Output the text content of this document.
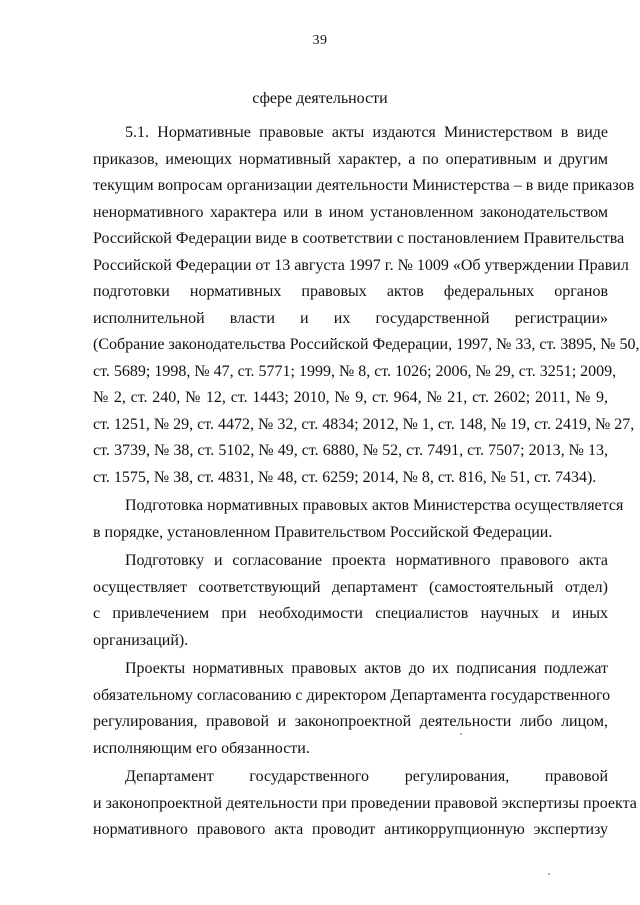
39
сфере деятельности
5.1. Нормативные правовые акты издаются Министерством в виде
приказов, имеющих нормативный характер, а по оперативным и другим
текущим вопросам организации деятельности Министерства – в виде приказов
ненормативного характера или в ином установленном законодательством
Российской Федерации виде в соответствии с постановлением Правительства
Российской Федерации от 13 августа 1997 г. № 1009 «Об утверждении Правил
подготовки нормативных правовых актов федеральных органов
исполнительной власти и их государственной регистрации»
(Собрание законодательства Российской Федерации, 1997, № 33, ст. 3895, № 50,
ст. 5689; 1998, № 47, ст. 5771; 1999, № 8, ст. 1026; 2006, № 29, ст. 3251; 2009,
№ 2, ст. 240, № 12, ст. 1443; 2010, № 9, ст. 964, № 21, ст. 2602; 2011, № 9,
ст. 1251, № 29, ст. 4472, № 32, ст. 4834; 2012, № 1, ст. 148, № 19, ст. 2419, № 27,
ст. 3739, № 38, ст. 5102, № 49, ст. 6880, № 52, ст. 7491, ст. 7507; 2013, № 13,
ст. 1575, № 38, ст. 4831, № 48, ст. 6259; 2014, № 8, ст. 816, № 51, ст. 7434).
Подготовка нормативных правовых актов Министерства осуществляется
в порядке, установленном Правительством Российской Федерации.
Подготовку и согласование проекта нормативного правового акта
осуществляет соответствующий департамент (самостоятельный отдел)
с привлечением при необходимости специалистов научных и иных
организаций).
Проекты нормативных правовых актов до их подписания подлежат
обязательному согласованию с директором Департамента государственного
регулирования, правовой и законопроектной деятельности либо лицом,
исполняющим его обязанности.
Департамент государственного регулирования, правовой
и законопроектной деятельности при проведении правовой экспертизы проекта
нормативного правового акта проводит антикоррупционную экспертизу
